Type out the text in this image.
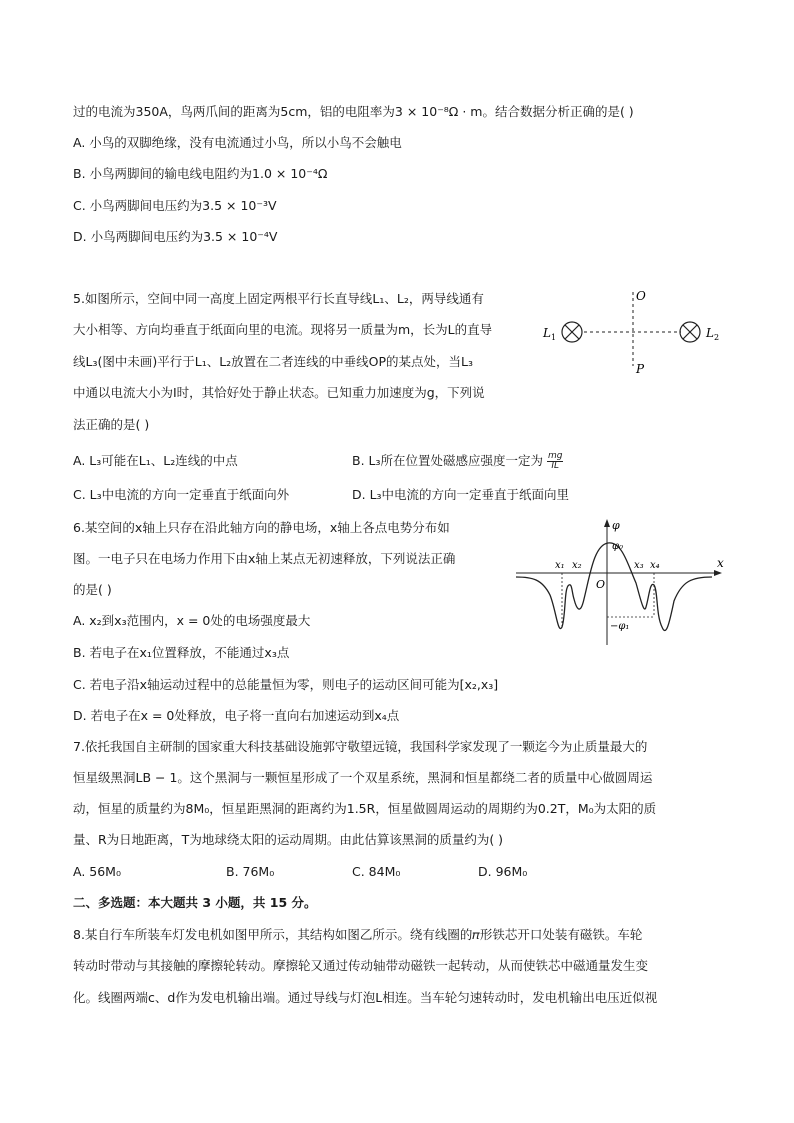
过的电流为350A，鸟两爪间的距离为5cm，铝的电阻率为3 × 10⁻⁸Ω · m。结合数据分析正确的是( )
A. 小鸟的双脚绝缘，没有电流通过小鸟，所以小鸟不会触电
B. 小鸟两脚间的输电线电阻约为1.0 × 10⁻⁴Ω
C. 小鸟两脚间电压约为3.5 × 10⁻³V
D. 小鸟两脚间电压约为3.5 × 10⁻⁴V
5.如图所示，空间中同一高度上固定两根平行长直导线L₁、L₂，两导线通有
大小相等、方向均垂直于纸面向里的电流。现将另一质量为m，长为L的直导
线L₃(图中未画)平行于L₁、L₂放置在二者连线的中垂线OP的某点处，当L₃
中通以电流大小为I时，其恰好处于静止状态。已知重力加速度为g，下列说
法正确的是( )
O
P
L 1	L 2
A. L₃可能在L₁、L₂连线的中点	B. L₃所在位置处磁感应强度一定为 $\frac{mg}{IL}$
C. L₃中电流的方向一定垂直于纸面向外	D. L₃中电流的方向一定垂直于纸面向里
6.某空间的x轴上只存在沿此轴方向的静电场，x轴上各点电势分布如
图。一电子只在电场力作用下由x轴上某点无初速释放，下列说法正确
的是( )
φ
φ₀
x
O
x₁ x₂	x₃ x₄
−φ₁
A. x₂到x₃范围内，x = 0处的电场强度最大
B. 若电子在x₁位置释放，不能通过x₃点
C. 若电子沿x轴运动过程中的总能量恒为零，则电子的运动区间可能为[x₂,x₃]
D. 若电子在x = 0处释放，电子将一直向右加速运动到x₄点
7.依托我国自主研制的国家重大科技基础设施郭守敬望远镜，我国科学家发现了一颗迄今为止质量最大的
恒星级黑洞LB − 1。这个黑洞与一颗恒星形成了一个双星系统，黑洞和恒星都绕二者的质量中心做圆周运
动，恒星的质量约为8M₀，恒星距黑洞的距离约为1.5R，恒星做圆周运动的周期约为0.2T，M₀为太阳的质
量、R为日地距离，T为地球绕太阳的运动周期。由此估算该黑洞的质量约为( )
A. 56M₀	B. 76M₀	C. 84M₀	D. 96M₀
二、多选题：本大题共 3 小题，共 15 分。
8.某自行车所装车灯发电机如图甲所示，其结构如图乙所示。绕有线圈的𝜋形铁芯开口处装有磁铁。车轮
转动时带动与其接触的摩擦轮转动。摩擦轮又通过传动轴带动磁铁一起转动，从而使铁芯中磁通量发生变
化。线圈两端c、d作为发电机输出端。通过导线与灯泡L相连。当车轮匀速转动时，发电机输出电压近似视
